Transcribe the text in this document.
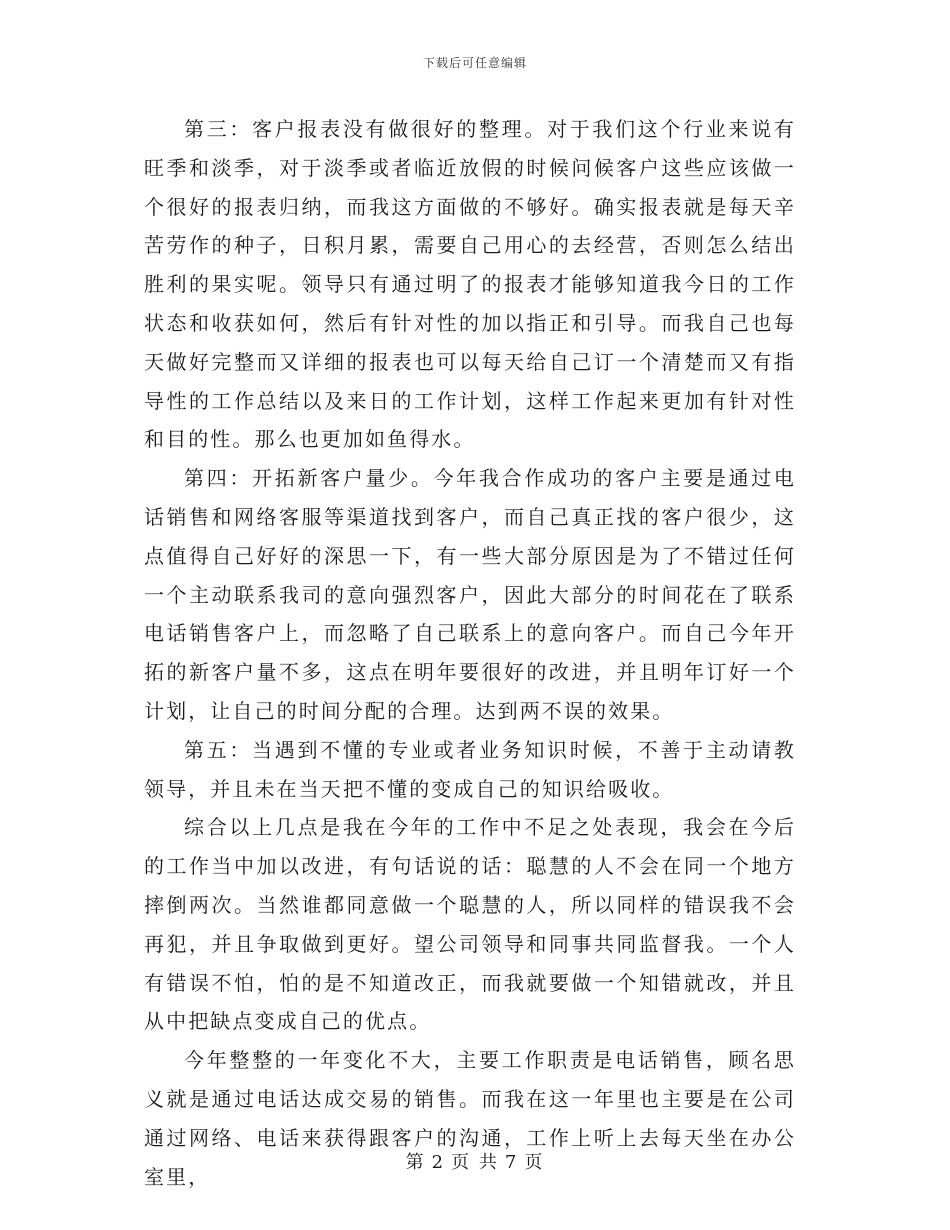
下载后可任意编辑

第三：客户报表没有做很好的整理。对于我们这个行业来说有旺季和淡季，对于淡季或者临近放假的时候问候客户这些应该做一个很好的报表归纳，而我这方面做的不够好。确实报表就是每天辛苦劳作的种子，日积月累，需要自己用心的去经营，否则怎么结出胜利的果实呢。领导只有通过明了的报表才能够知道我今日的工作状态和收获如何，然后有针对性的加以指正和引导。而我自己也每天做好完整而又详细的报表也可以每天给自己订一个清楚而又有指导性的工作总结以及来日的工作计划，这样工作起来更加有针对性和目的性。那么也更加如鱼得水。

第四：开拓新客户量少。今年我合作成功的客户主要是通过电话销售和网络客服等渠道找到客户，而自己真正找的客户很少，这点值得自己好好的深思一下，有一些大部分原因是为了不错过任何一个主动联系我司的意向强烈客户，因此大部分的时间花在了联系电话销售客户上，而忽略了自己联系上的意向客户。而自己今年开拓的新客户量不多，这点在明年要很好的改进，并且明年订好一个计划，让自己的时间分配的合理。达到两不误的效果。

第五：当遇到不懂的专业或者业务知识时候，不善于主动请教领导，并且未在当天把不懂的变成自己的知识给吸收。

综合以上几点是我在今年的工作中不足之处表现，我会在今后的工作当中加以改进，有句话说的话：聪慧的人不会在同一个地方摔倒两次。当然谁都同意做一个聪慧的人，所以同样的错误我不会再犯，并且争取做到更好。望公司领导和同事共同监督我。一个人有错误不怕，怕的是不知道改正，而我就要做一个知错就改，并且从中把缺点变成自己的优点。

今年整整的一年变化不大，主要工作职责是电话销售，顾名思义就是通过电话达成交易的销售。而我在这一年里也主要是在公司通过网络、电话来获得跟客户的沟通，工作上听上去每天坐在办公室里，

第 2 页 共 7 页
